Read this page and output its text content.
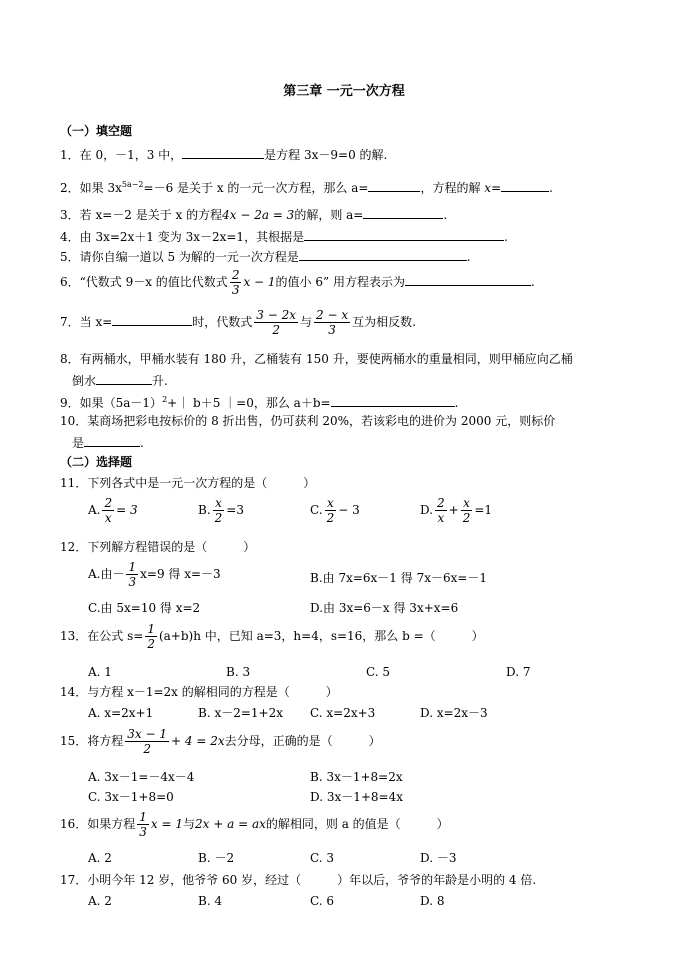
第三章 一元一次方程
（一）填空题
1．在 0，－1，3 中，	是方程 3x－9=0 的解.
2．如果 $3x^{5a-2}=-6$ 是关于 x 的一元一次方程，那么 a=	，方程的解 x=	.
3．若 x=－2 是关于 x 的方程4x − 2a = 3的解，则 a=	.
4．由 3x=2x＋1 变为 3x－2x=1，其根据是	.
5．请你自编一道以 5 为解的一元一次方程是	.
6．“代数式 9－x 的值比代数式 $\frac{2}{3}$ x − 1的值小 6” 用方程表示为	.
7．当 x=	时，代数式 $\frac{3 - 2x}{2}$ 与 $\frac{2 - x}{3}$ 互为相反数.
8．有两桶水，甲桶水装有 180 升，乙桶装有 150 升，要使两桶水的重量相同，则甲桶应向乙桶
倒水	升.
9．如果$(5a-1)^2+|$ b＋5 ｜=0，那么 a＋b=	.
10．某商场把彩电按标价的 8 折出售，仍可获利 20%，若该彩电的进价为 2000 元，则标价
是	.
（二）选择题
11．下列各式中是一元一次方程的是（　　　）
A. $\frac{2}{x} = 3$	B. $\frac{x}{2} =3$	C. $\frac{x}{2} - 3$	D. $\frac{2}{x} + \frac{x}{2} =1$
12．下列解方程错误的是（　　　）
A.由－ $\frac{1}{3} x=9$ 得 x=－3	B.由 7x=6x－1 得 7x－6x=－1
C.由 5x=10 得 x=2	D.由 3x=6－x 得 3x+x=6
13．在公式 $s= \frac{1}{2} (a+b)h$ 中，已知 a=3，h=4，s=16，那么 b =（　　　）
A. 1	B. 3	C. 5	D. 7
14．与方程 x－1=2x 的解相同的方程是（　　　）
A. x=2x+1	B. x－2=1+2x C. x=2x+3	D. x=2x－3
15．将方程 $\frac{3x - 1}{2} + 4 = 2x$去分母，正确的是（　　　）
A. 3x－1=－4x－4	B. 3x－1+8=2x
C. 3x－1+8=0	D. 3x－1+8=4x
16．如果方程 $\frac{1}{3}$ x = 1与2x + a = ax的解相同，则 a 的值是（　　　）
A. 2	B. －2	C. 3	D. －3
17．小明今年 12 岁，他爷爷 60 岁，经过（　　　）年以后，爷爷的年龄是小明的 4 倍.
A. 2	B. 4	C. 6	D. 8
